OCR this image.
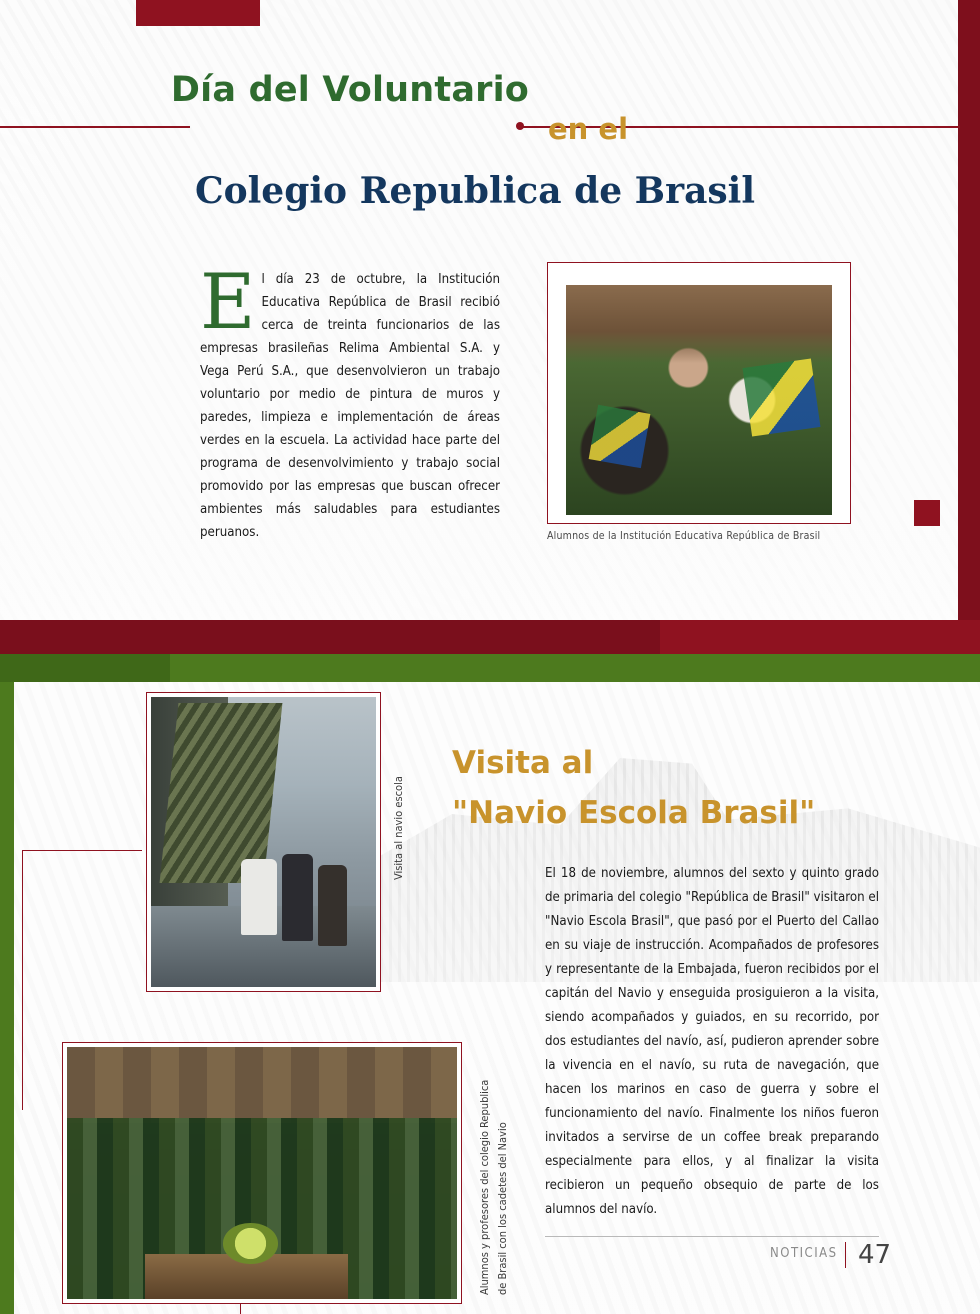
Día del Voluntario
en el
Colegio Republica de Brasil
El día 23 de octubre, la Institución Educativa República de Brasil recibió cerca de treinta funcionarios de las empresas brasileñas Relima Ambiental S.A. y Vega Perú S.A., que desenvolvieron un trabajo voluntario por medio de pintura de muros y paredes, limpieza e implementación de áreas verdes en la escuela. La actividad hace parte del programa de desenvolvimiento y trabajo social promovido por las empresas que buscan ofrecer ambientes más saludables para estudiantes peruanos.	Alumnos de la Institución Educativa República de Brasil
Visita al navio escola
Alumnos y profesores del colegio Republica de Brasil con los cadetes del Navio
Visita al
"Navio Escola Brasil"
El 18 de noviembre, alumnos del sexto y quinto grado de primaria del colegio "República de Brasil" visitaron el "Navio Escola Brasil", que pasó por el Puerto del Callao en su viaje de instrucción. Acompañados de profesores y representante de la Embajada, fueron recibidos por el capitán del Navio y enseguida prosiguieron a la visita, siendo acompañados y guiados, en su recorrido, por dos estudiantes del navío, así, pudieron aprender sobre la vivencia en el navío, su ruta de navegación, que hacen los marinos en caso de guerra y sobre el funcionamiento del navío. Finalmente los niños fueron invitados a servirse de un coffee break preparando especialmente para ellos, y al finalizar la visita recibieron un pequeño obsequio de parte de los alumnos del navío.
NOTICIAS 47
